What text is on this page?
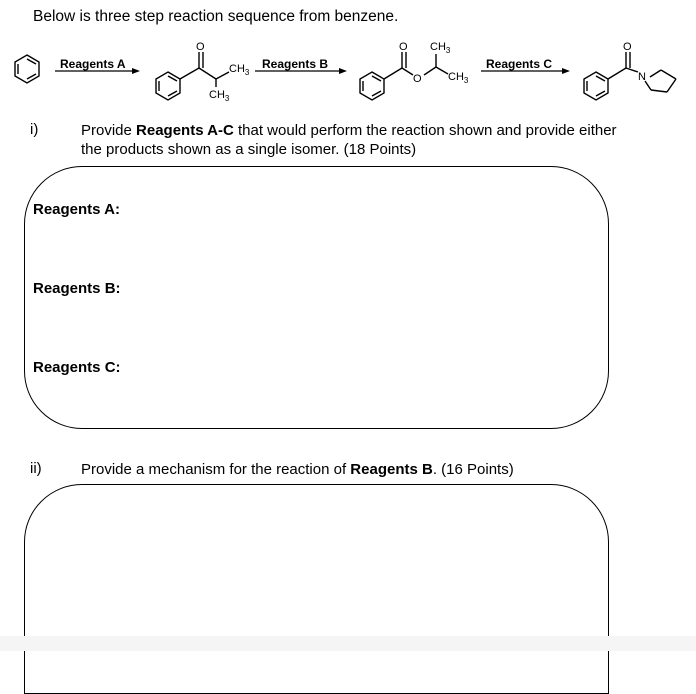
Below is three step reaction sequence from benzene.
Reagents A
O
$CH_3$
$CH_3$
Reagents B
O
O
$CH_3$
$CH_3$
Reagents C
O
N
i)	Provide Reagents A-C that would perform the reaction shown and provide either the products shown as a single isomer. (18 Points)
Reagents A:
Reagents B:
Reagents C:
ii)	Provide a mechanism for the reaction of Reagents B. (16 Points)
